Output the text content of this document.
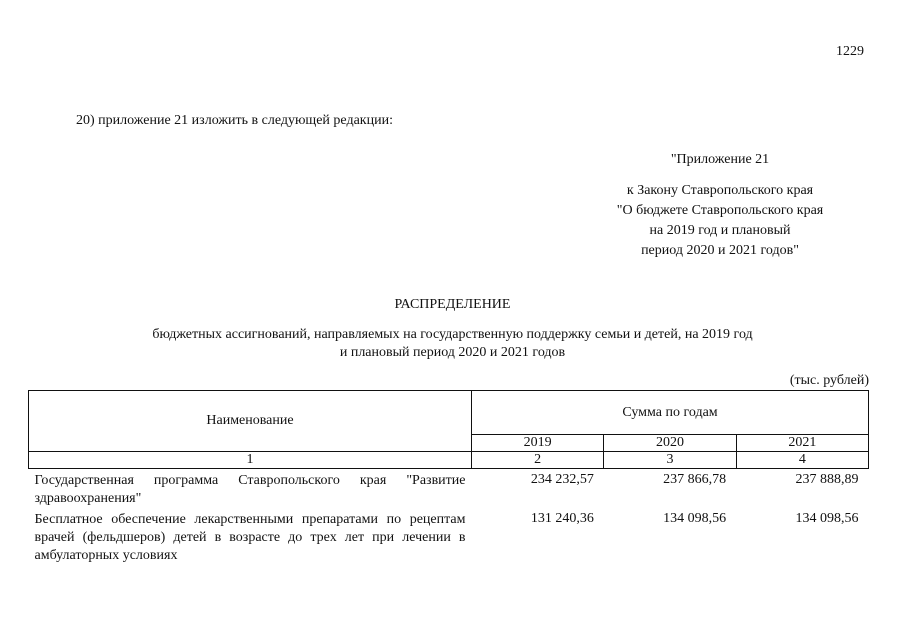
1229
20) приложение 21 изложить в следующей редакции:
"Приложение 21
к Закону Ставропольского края
"О бюджете Ставропольского края
на 2019 год и плановый
период 2020 и 2021 годов"
РАСПРЕДЕЛЕНИЕ
бюджетных ассигнований, направляемых на государственную поддержку семьи и детей, на 2019 год
и плановый период 2020 и 2021 годов
(тыс. рублей)
Наименование	Сумма по годам		
	2019	2020	2021
1	2	3	4
Государственная программа Ставропольского края "Развитие здравоохранения"	234 232,57	237 866,78	237 888,89
Бесплатное обеспечение лекарственными препаратами по рецептам врачей (фельдшеров) детей в возрасте до трех лет при лечении в амбулаторных условиях	131 240,36	134 098,56	134 098,56
